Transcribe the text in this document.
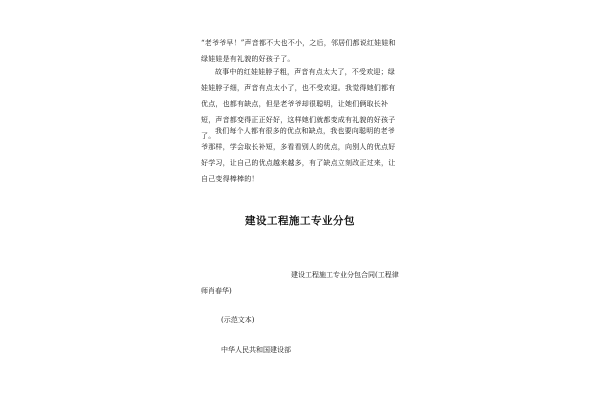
“老爷爷早！”声音都不大也不小，之后，邻居们都说红娃娃和绿娃娃是有礼貌的好孩子了。

故事中的红娃娃脖子粗，声音有点太大了，不受欢迎；绿娃娃脖子细，声音有点太小了，也不受欢迎。我觉得她们都有优点，也都有缺点，但是老爷爷却很聪明，让她们俩取长补短，声音都变得正正好好，这样她们就都变成有礼貌的好孩子了。

我们每个人都有很多的优点和缺点，我也要向聪明的老爷爷那样，学会取长补短，多看看别人的优点，向别人的优点好好学习，让自己的优点越来越多，有了缺点立刻改正过来，让自己变得棒棒的！

建设工程施工专业分包

建设工程施工专业分包合同(工程律师肖春华)

(示范文本)

中华人民共和国建设部
